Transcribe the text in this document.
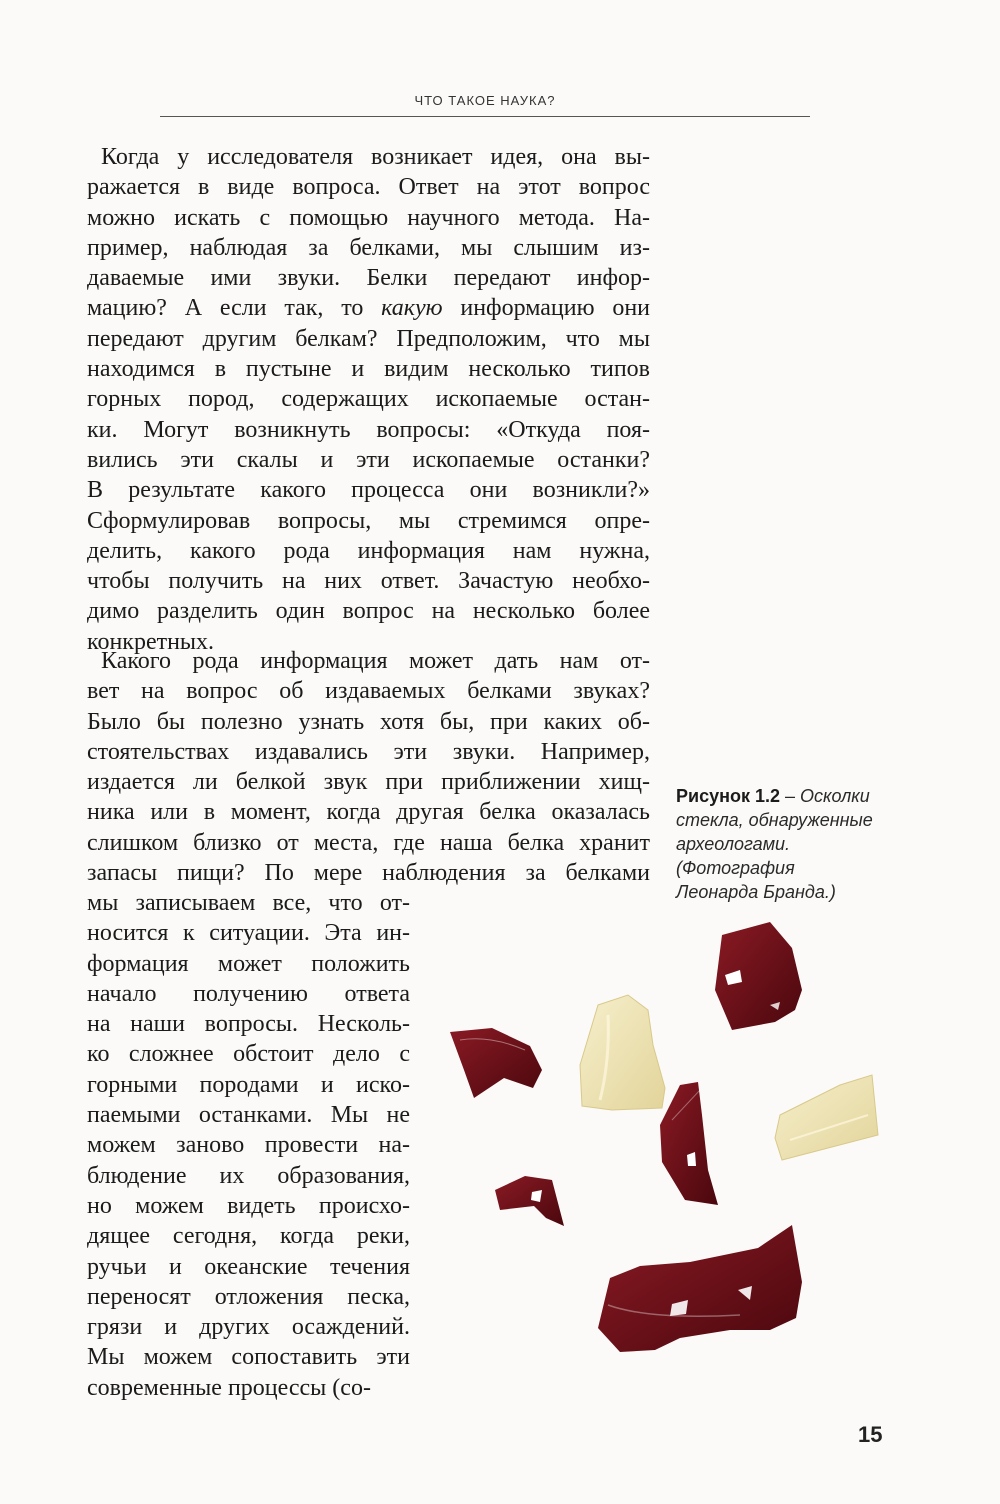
ЧТО ТАКОЕ НАУКА?
Когда у исследователя возникает идея, она вы-
ражается в виде вопроса. Ответ на этот вопрос
можно искать с помощью научного метода. На-
пример, наблюдая за белками, мы слышим из-
даваемые ими звуки. Белки передают инфор-
мацию? А если так, то какую информацию они
передают другим белкам? Предположим, что мы
находимся в пустыне и видим несколько типов
горных пород, содержащих ископаемые остан-
ки. Могут возникнуть вопросы: «Откуда поя-
вились эти скалы и эти ископаемые останки?
В результате какого процесса они возникли?»
Сформулировав вопросы, мы стремимся опре-
делить, какого рода информация нам нужна,
чтобы получить на них ответ. Зачастую необхо-
димо разделить один вопрос на несколько более
конкретных.
Какого рода информация может дать нам от-
вет на вопрос об издаваемых белками звуках?
Было бы полезно узнать хотя бы, при каких об-
стоятельствах издавались эти звуки. Например,
издается ли белкой звук при приближении хищ-
ника или в момент, когда другая белка оказалась
слишком близко от места, где наша белка хранит
запасы пищи? По мере наблюдения за белками
мы записываем все, что от-
носится к ситуации. Эта ин-
формация может положить
начало получению ответа
на наши вопросы. Несколь-
ко сложнее обстоит дело с
горными породами и иско-
паемыми останками. Мы не
можем заново провести на-
блюдение их образования,
но можем видеть происхо-
дящее сегодня, когда реки,
ручьи и океанские течения
переносят отложения песка,
грязи и других осаждений.
Мы можем сопоставить эти
современные процессы (со-
Рисунок 1.2 – Осколки стекла, обнаруженные археологами. (Фотография Леонарда Бранда.)
15
